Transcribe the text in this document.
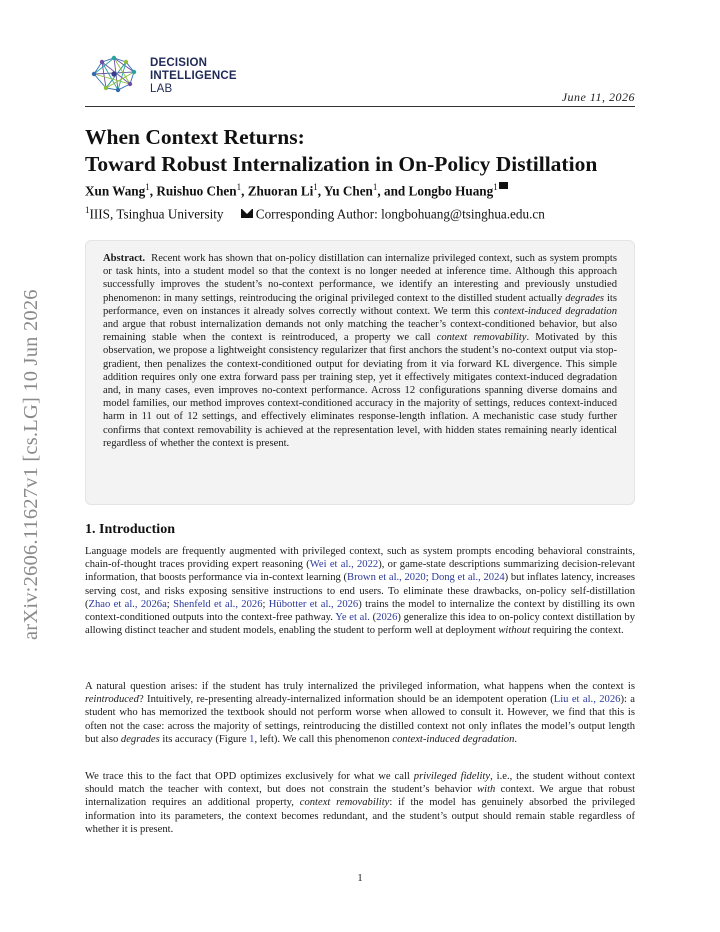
arXiv:2606.11627v1 [cs.LG] 10 Jun 2026
DECISION
INTELLIGENCE
LAB
June 11, 2026
When Context Returns:
Toward Robust Internalization in On-Policy Distillation
Xun Wang$^1$, Ruishuo Chen$^1$, Zhuoran Li$^1$, Yu Chen$^1$, and Longbo Huang$^1$
$^1$IIIS, Tsinghua University Corresponding Author: longbohuang@tsinghua.edu.cn

Abstract. Recent work has shown that on-policy distillation can internalize privileged context, such as system prompts or task hints, into a student model so that the context is no longer needed at inference time. Although this approach successfully improves the student’s no-context performance, we identify an interesting and previously unstudied phenomenon: in many settings, reintroducing the original privileged context to the distilled student actually degrades its performance, even on instances it already solves correctly without context. We term this context-induced degradation and argue that robust internalization demands not only matching the teacher’s context-conditioned behavior, but also remaining stable when the context is reintroduced, a property we call context removability. Motivated by this observation, we propose a lightweight consistency regularizer that first anchors the student’s no-context output via stop-gradient, then penalizes the context-conditioned output for deviating from it via forward KL divergence. This simple addition requires only one extra forward pass per training step, yet it effectively mitigates context-induced degradation and, in many cases, even improves no-context performance. Across 12 configurations spanning diverse domains and model families, our method improves context-conditioned accuracy in the majority of settings, reduces context-induced harm in 11 out of 12 settings, and effectively eliminates response-length inflation. A mechanistic case study further confirms that context removability is achieved at the representation level, with hidden states remaining nearly identical regardless of whether the context is present.

1. Introduction

Language models are frequently augmented with privileged context, such as system prompts encoding behavioral constraints, chain-of-thought traces providing expert reasoning (Wei et al., 2022), or game-state descriptions summarizing decision-relevant information, that boosts performance via in-context learning (Brown et al., 2020; Dong et al., 2024) but inflates latency, increases serving cost, and risks exposing sensitive instructions to end users. To eliminate these drawbacks, on-policy self-distillation (Zhao et al., 2026a; Shenfeld et al., 2026; Hübotter et al., 2026) trains the model to internalize the context by distilling its own context-conditioned outputs into the context-free pathway. Ye et al. (2026) generalize this idea to on-policy context distillation by allowing distinct teacher and student models, enabling the student to perform well at deployment without requiring the context.

A natural question arises: if the student has truly internalized the privileged information, what happens when the context is reintroduced? Intuitively, re-presenting already-internalized information should be an idempotent operation (Liu et al., 2026): a student who has memorized the textbook should not perform worse when allowed to consult it. However, we find that this is often not the case: across the majority of settings, reintroducing the distilled context not only inflates the model’s output length but also degrades its accuracy (Figure 1, left). We call this phenomenon context-induced degradation.

We trace this to the fact that OPD optimizes exclusively for what we call privileged fidelity, i.e., the student without context should match the teacher with context, but does not constrain the student’s behavior with context. We argue that robust internalization requires an additional property, context removability: if the model has genuinely absorbed the privileged information into its parameters, the context becomes redundant, and the student’s output should remain stable regardless of whether it is present.

1
